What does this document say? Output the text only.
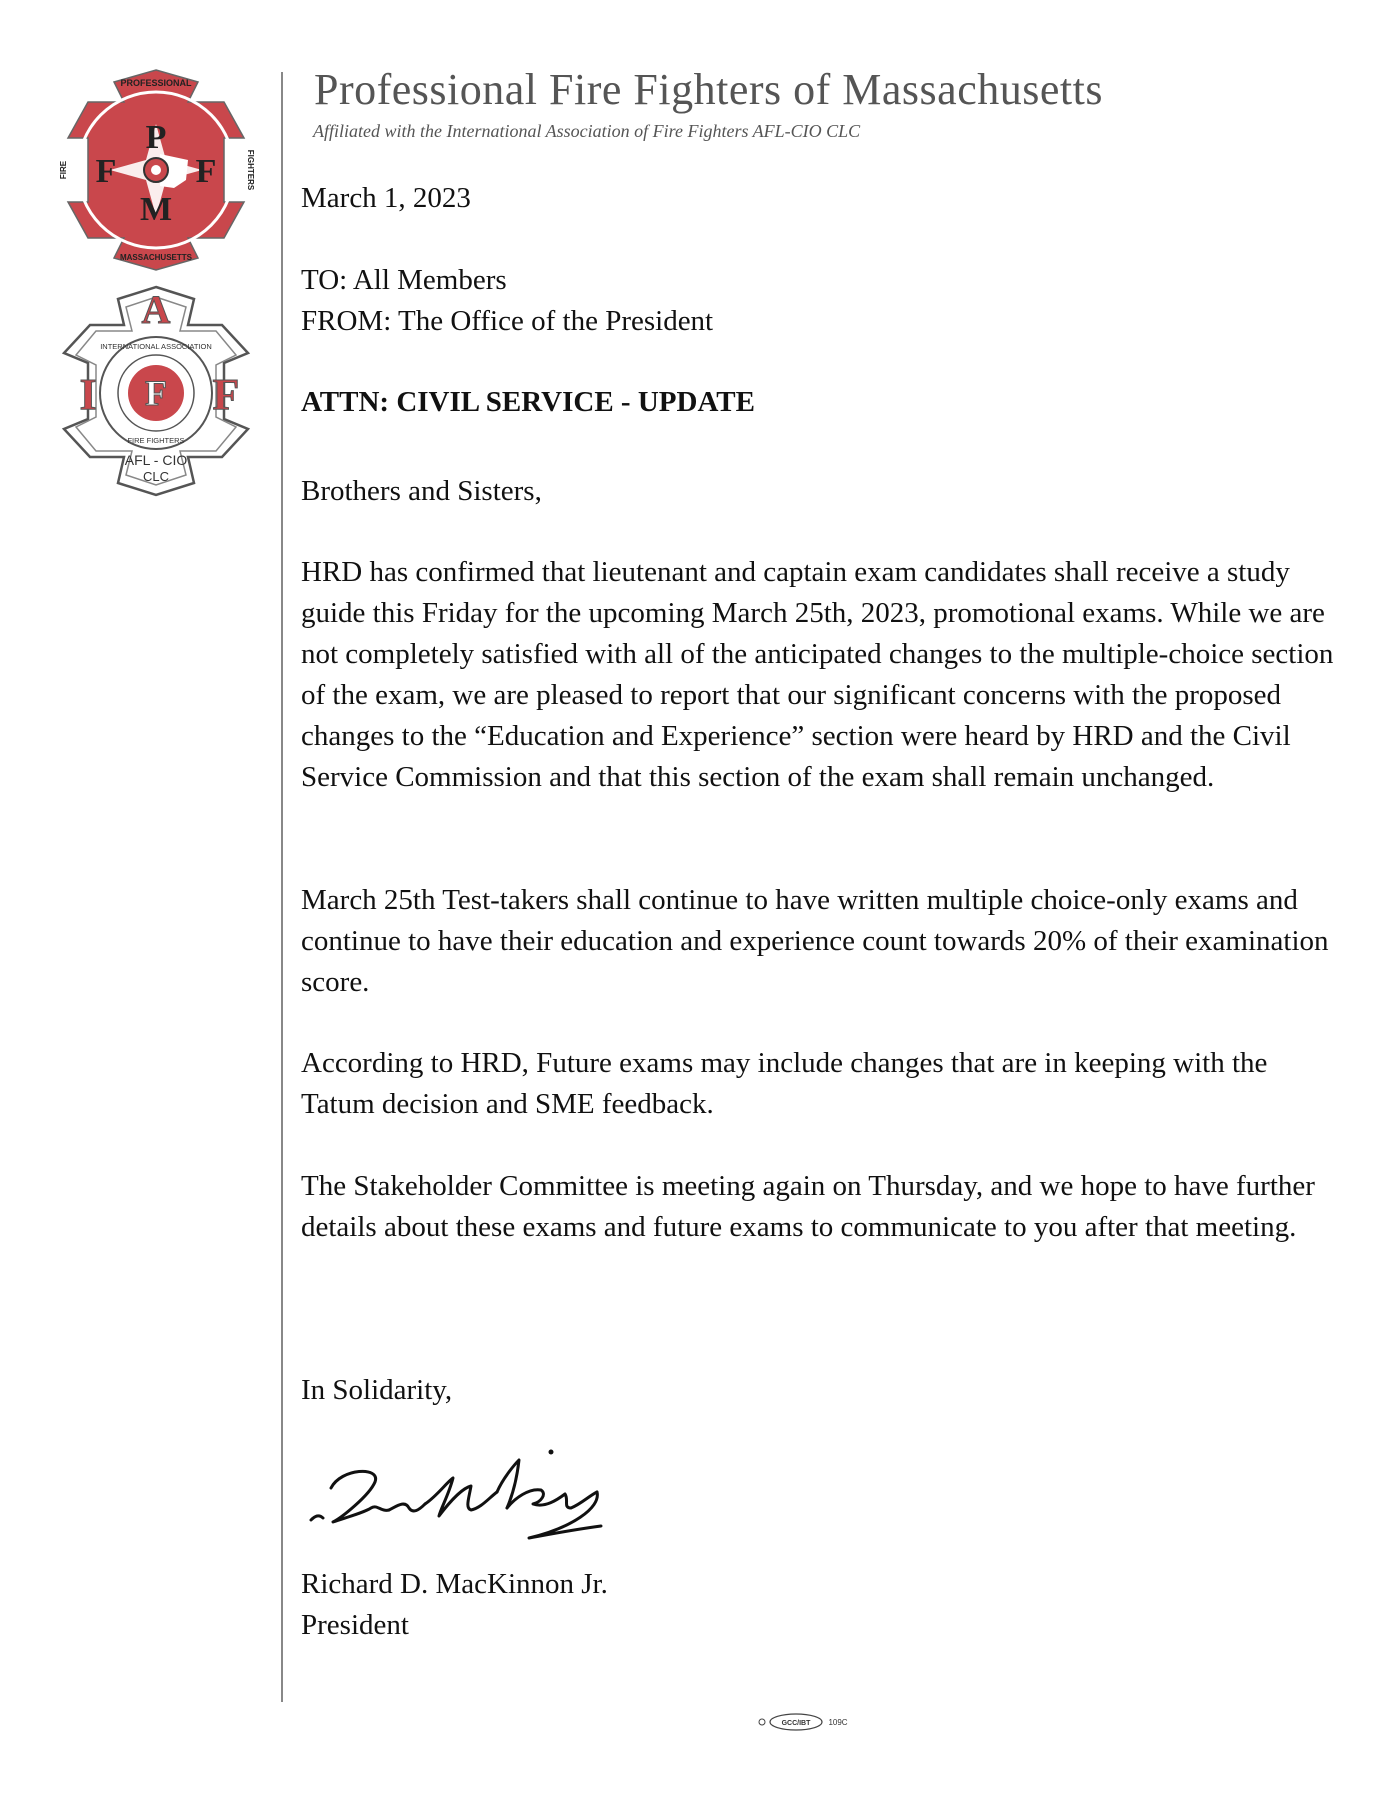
P
F F
M
PROFESSIONAL
FIRE	FIGHTERS
MASSACHUSETTS
F
A
I	F
INTERNATIONAL ASSOCIATION
FIRE FIGHTERS
AFL - CIO
CLC
Professional Fire Fighters of Massachusetts
Affiliated with the International Association of Fire Fighters AFL-CIO CLC
March 1, 2023
TO: All Members
FROM: The Office of the President
ATTN: CIVIL SERVICE - UPDATE
Brothers and Sisters,
HRD has confirmed that lieutenant and captain exam candidates shall receive a study guide this Friday for the upcoming March 25th, 2023, promotional exams. While we are not completely satisfied with all of the anticipated changes to the multiple-choice section of the exam, we are pleased to report that our significant concerns with the proposed changes to the “Education and Experience” section were heard by HRD and the Civil Service Commission and that this section of the exam shall remain unchanged.
March 25th Test-takers shall continue to have written multiple choice-only exams and continue to have their education and experience count towards 20% of their examination score.
According to HRD, Future exams may include changes that are in keeping with the Tatum decision and SME feedback.
The Stakeholder Committee is meeting again on Thursday, and we hope to have further details about these exams and future exams to communicate to you after that meeting.
In Solidarity,
Richard D. MacKinnon Jr.
President
GCC/IBT 109C
